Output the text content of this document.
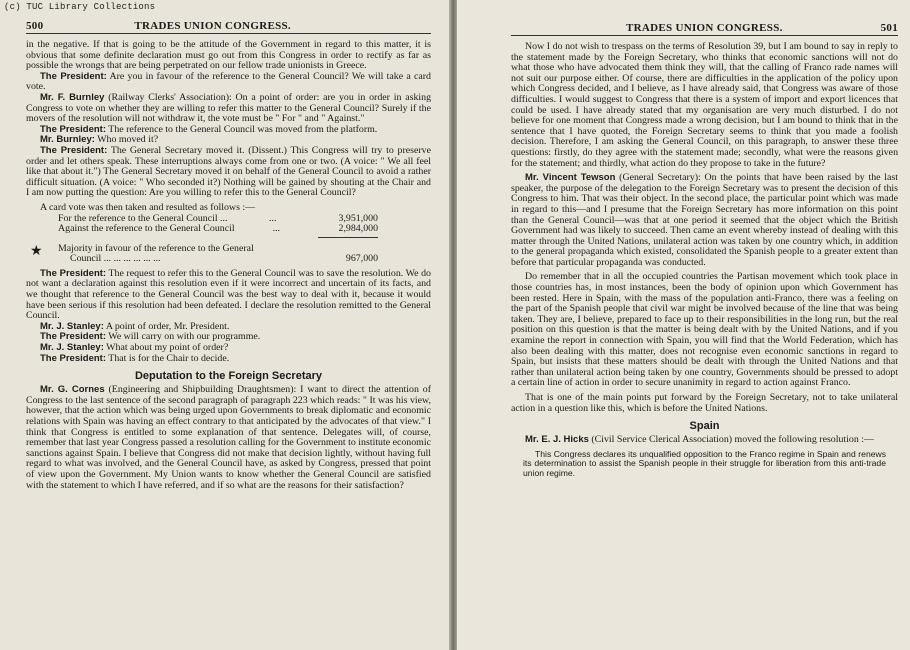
(c) TUC Library Collections
500	TRADES UNION CONGRESS.

in the negative. If that is going to be the attitude of the Government in regard to this matter, it is obvious that some definite declaration must go out from this Congress in order to rectify as far as possible the wrongs that are being perpetrated on our fellow trade unionists in Greece.

The President: Are you in favour of the reference to the General Council? We will take a card vote.

Mr. F. Burnley (Railway Clerks' Association): On a point of order: are you in order in asking Congress to vote on whether they are willing to refer this matter to the General Council? Surely if the movers of the resolution will not withdraw it, the vote must be " For " and " Against."

The President: The reference to the General Council was moved from the platform.

Mr. Burnley: Who moved it?

The President: The General Secretary moved it. (Dissent.) This Congress will try to preserve order and let others speak. These interruptions always come from one or two. (A voice: " We all feel like that about it.") The General Secretary moved it on behalf of the General Council to avoid a rather difficult situation. (A voice: " Who seconded it?) Nothing will be gained by shouting at the Chair and I am now putting the question: Are you willing to refer this to the General Council?

A card vote was then taken and resulted as follows :—

For the reference to the General Council ...	...	3,951,000
Against the reference to the General Council	...	2,984,000
★ Majority in favour of the reference to the General
Council ... ... ... ... ... ...	967,000

The President: The request to refer this to the General Council was to save the resolution. We do not want a declaration against this resolution even if it were incorrect and uncertain of its facts, and we thought that reference to the General Council was the best way to deal with it, because it would have been serious if this resolution had been defeated. I declare the resolution remitted to the General Council.

Mr. J. Stanley: A point of order, Mr. President.

The President: We will carry on with our programme.

Mr. J. Stanley: What about my point of order?

The President: That is for the Chair to decide.

Deputation to the Foreign Secretary

Mr. G. Cornes (Engineering and Shipbuilding Draughtsmen): I want to direct the attention of Congress to the last sentence of the second paragraph of paragraph 223 which reads: " It was his view, however, that the action which was being urged upon Governments to break diplomatic and economic relations with Spain was having an effect contrary to that anticipated by the advocates of that view." I think that Congress is entitled to some explanation of that sentence. Delegates will, of course, remember that last year Congress passed a resolution calling for the Government to institute economic sanctions against Spain. I believe that Congress did not make that decision lightly, without having full regard to what was involved, and the General Council have, as asked by Congress, pressed that point of view upon the Government. My Union wants to know whether the General Council are satisfied with the statement to which I have referred, and if so what are the reasons for their satisfaction?

TRADES UNION CONGRESS.	501

Now I do not wish to trespass on the terms of Resolution 39, but I am bound to say in reply to the statement made by the Foreign Secretary, who thinks that economic sanctions will not do what those who have advocated them think they will, that the calling of Franco rade names will not suit our purpose either. Of course, there are difficulties in the application of the policy upon which Congress decided, and I believe, as I have already said, that Congress was aware of those difficulties. I would suggest to Congress that there is a system of import and export licences that could be used. I have already stated that my organisation are very much disturbed. I do not believe for one moment that Congress made a wrong decision, but I am bound to think that in the sentence that I have quoted, the Foreign Secretary seems to think that you made a foolish decision. Therefore, I am asking the General Council, on this paragraph, to answer these three questions: firstly, do they agree with the statement made; secondly, what were the reasons given for the statement; and thirdly, what action do they propose to take in the future?

Mr. Vincent Tewson (General Secretary): On the points that have been raised by the last speaker, the purpose of the delegation to the Foreign Secretary was to present the decision of this Congress to him. That was their object. In the second place, the particular point which was made in regard to this—and I presume that the Foreign Secretary has more information on this point than the General Council—was that at one period it seemed that the object which the British Government had was likely to succeed. Then came an event whereby instead of dealing with this matter through the United Nations, unilateral action was taken by one country which, in addition to the general propaganda which existed, consolidated the Spanish people to a greater extent than before that particular propaganda was conducted.

Do remember that in all the occupied countries the Partisan movement which took place in those countries has, in most instances, been the body of opinion upon which Government has been rested. Here in Spain, with the mass of the population anti-Franco, there was a feeling on the part of the Spanish people that civil war might be involved because of the line that was being taken. They are, I believe, prepared to face up to their responsibilities in the long run, but the real position on this question is that the matter is being dealt with by the United Nations, and if you examine the report in connection with Spain, you will find that the World Federation, which has also been dealing with this matter, does not recognise even economic sanctions in regard to Spain, but insists that these matters should be dealt with through the United Nations and that rather than unilateral action being taken by one country, Governments should be pressed to adopt a certain line of action in order to secure unanimity in regard to action against Franco.

That is one of the main points put forward by the Foreign Secretary, not to take unilateral action in a question like this, which is before the United Nations.

Spain

Mr. E. J. Hicks (Civil Service Clerical Association) moved the following resolution :—

This Congress declares its unqualified opposition to the Franco regime in Spain and renews its determination to assist the Spanish people in their struggle for liberation from this anti-trade union regime.
